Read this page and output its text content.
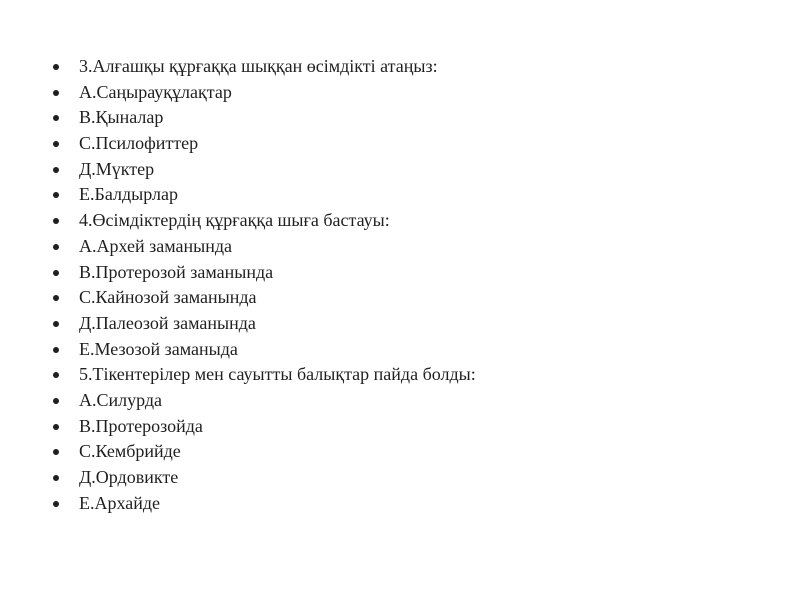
3.Алғашқы құрғаққа шыққан өсімдікті атаңыз:
А.Саңырауқұлақтар
В.Қыналар
С.Псилофиттер
Д.Мүктер
Е.Балдырлар
4.Өсімдіктердің құрғаққа шыға бастауы:
А.Архей заманында
В.Протерозой заманында
С.Кайнозой заманында
Д.Палеозой заманында
Е.Мезозой заманыда
5.Тікентерілер мен сауытты балықтар пайда болды:
А.Силурда
В.Протерозойда
С.Кембрийде
Д.Ордовикте
Е.Архайде
